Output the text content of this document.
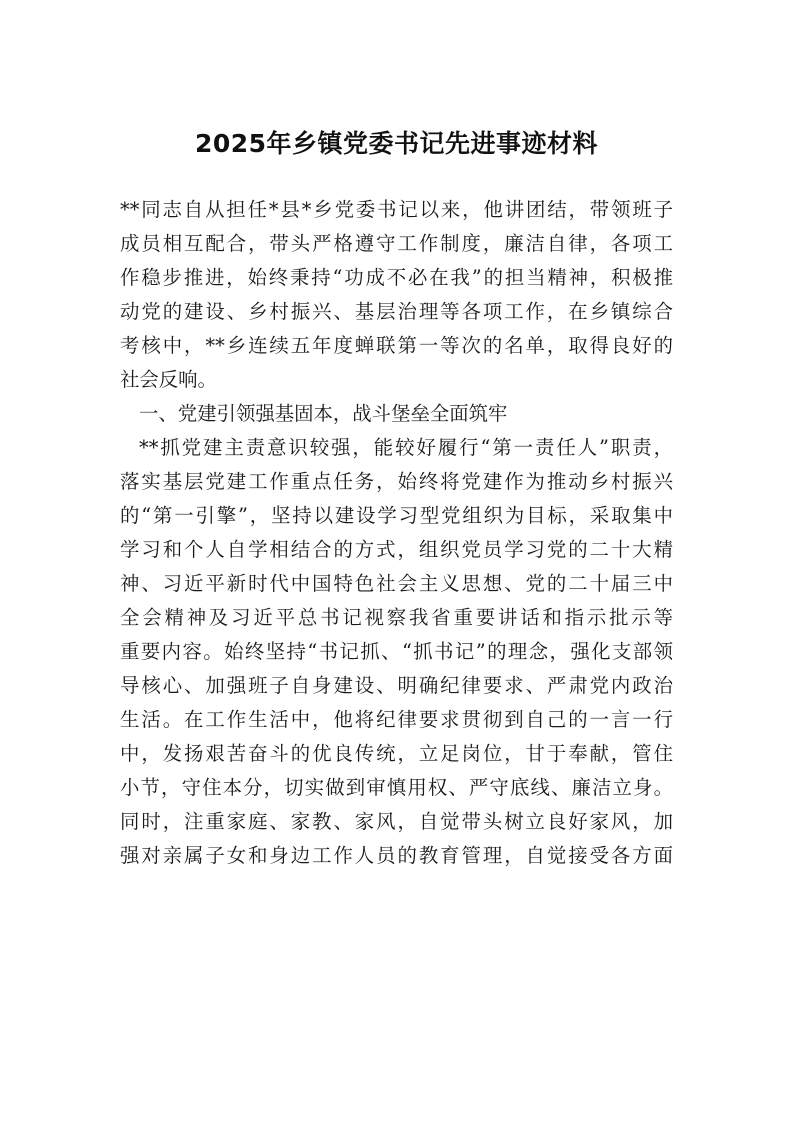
2025年乡镇党委书记先进事迹材料
**同志自从担任*县*乡党委书记以来，他讲团结，带领班子
成员相互配合，带头严格遵守工作制度，廉洁自律，各项工
作稳步推进，始终秉持“功成不必在我”的担当精神，积极推
动党的建设、乡村振兴、基层治理等各项工作，在乡镇综合
考核中，**乡连续五年度蝉联第一等次的名单，取得良好的
社会反响。
一、党建引领强基固本，战斗堡垒全面筑牢
**抓党建主责意识较强，能较好履行“第一责任人”职责，
落实基层党建工作重点任务，始终将党建作为推动乡村振兴
的“第一引擎”，坚持以建设学习型党组织为目标，采取集中
学习和个人自学相结合的方式，组织党员学习党的二十大精
神、习近平新时代中国特色社会主义思想、党的二十届三中
全会精神及习近平总书记视察我省重要讲话和指示批示等
重要内容。始终坚持“书记抓、“抓书记”的理念，强化支部领
导核心、加强班子自身建设、明确纪律要求、严肃党内政治
生活。在工作生活中，他将纪律要求贯彻到自己的一言一行
中，发扬艰苦奋斗的优良传统，立足岗位，甘于奉献，管住
小节，守住本分，切实做到审慎用权、严守底线、廉洁立身。
同时，注重家庭、家教、家风，自觉带头树立良好家风，加
强对亲属子女和身边工作人员的教育管理，自觉接受各方面
